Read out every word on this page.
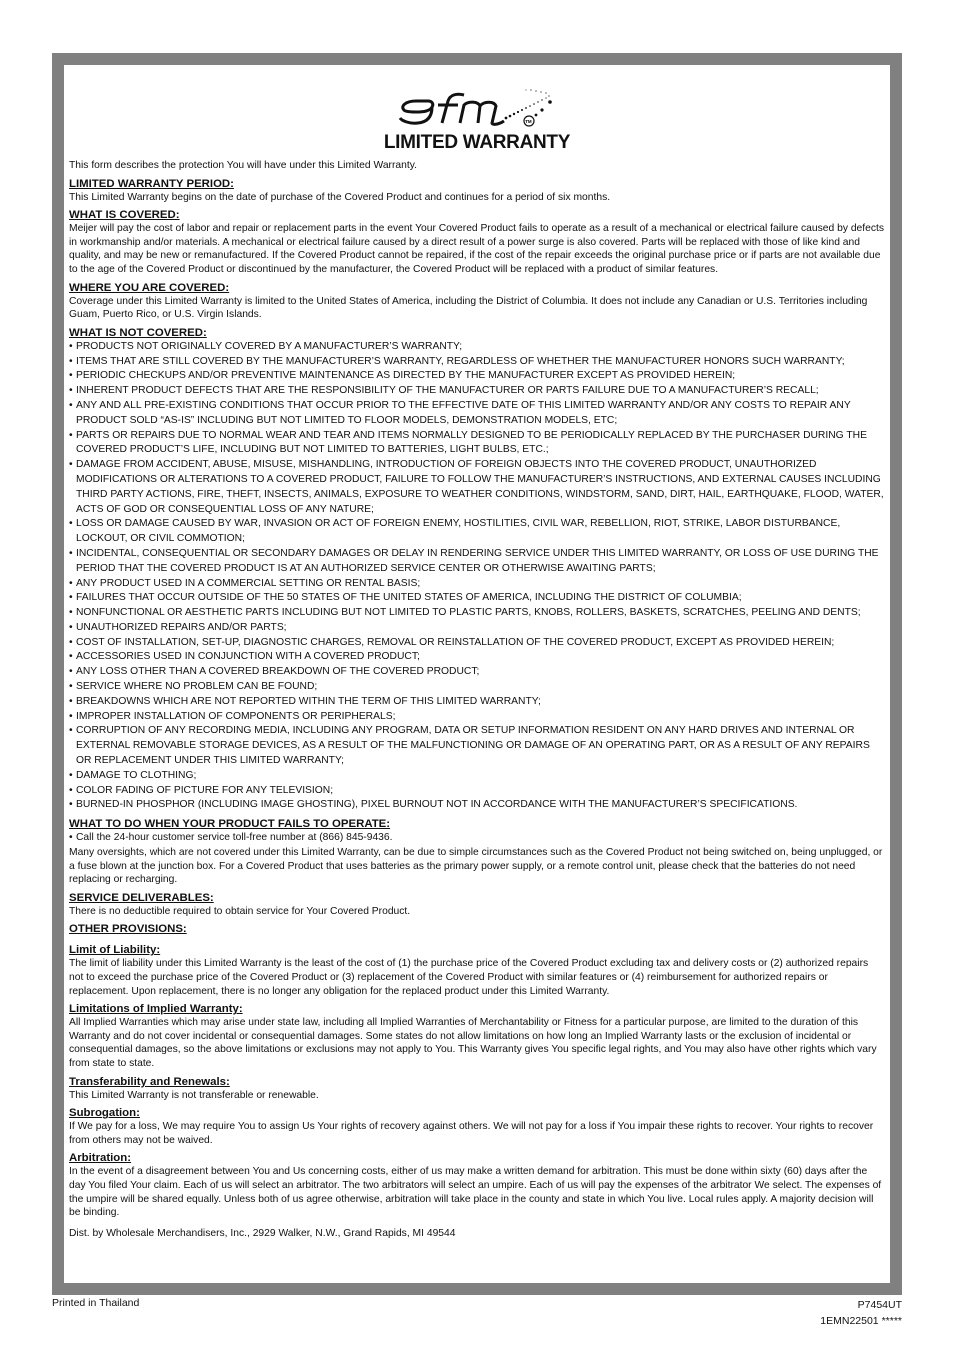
TM
LIMITED WARRANTY

This form describes the protection You will have under this Limited Warranty.

LIMITED WARRANTY PERIOD:

This Limited Warranty begins on the date of purchase of the Covered Product and continues for a period of six months.

WHAT IS COVERED:

Meijer will pay the cost of labor and repair or replacement parts in the event Your Covered Product fails to operate as a result of a mechanical or electrical failure caused by defects in workmanship and/or materials. A mechanical or electrical failure caused by a direct result of a power surge is also covered. Parts will be replaced with those of like kind and quality, and may be new or remanufactured. If the Covered Product cannot be repaired, if the cost of the repair exceeds the original purchase price or if parts are not available due to the age of the Covered Product or discontinued by the manufacturer, the Covered Product will be replaced with a product of similar features.

WHERE YOU ARE COVERED:

Coverage under this Limited Warranty is limited to the United States of America, including the District of Columbia. It does not include any Canadian or U.S. Territories including Guam, Puerto Rico, or U.S. Virgin Islands.

WHAT IS NOT COVERED:

• PRODUCTS NOT ORIGINALLY COVERED BY A MANUFACTURER’S WARRANTY;
• ITEMS THAT ARE STILL COVERED BY THE MANUFACTURER’S WARRANTY, REGARDLESS OF WHETHER THE MANUFACTURER HONORS SUCH WARRANTY;
• PERIODIC CHECKUPS AND/OR PREVENTIVE MAINTENANCE AS DIRECTED BY THE MANUFACTURER EXCEPT AS PROVIDED HEREIN;
• INHERENT PRODUCT DEFECTS THAT ARE THE RESPONSIBILITY OF THE MANUFACTURER OR PARTS FAILURE DUE TO A MANUFACTURER’S RECALL;
• ANY AND ALL PRE-EXISTING CONDITIONS THAT OCCUR PRIOR TO THE EFFECTIVE DATE OF THIS LIMITED WARRANTY AND/OR ANY COSTS TO REPAIR ANY PRODUCT SOLD “AS-IS” INCLUDING BUT NOT LIMITED TO FLOOR MODELS, DEMONSTRATION MODELS, ETC;
• PARTS OR REPAIRS DUE TO NORMAL WEAR AND TEAR AND ITEMS NORMALLY DESIGNED TO BE PERIODICALLY REPLACED BY THE PURCHASER DURING THE COVERED PRODUCT’S LIFE, INCLUDING BUT NOT LIMITED TO BATTERIES, LIGHT BULBS, ETC.;
• DAMAGE FROM ACCIDENT, ABUSE, MISUSE, MISHANDLING, INTRODUCTION OF FOREIGN OBJECTS INTO THE COVERED PRODUCT, UNAUTHORIZED MODIFICATIONS OR ALTERATIONS TO A COVERED PRODUCT, FAILURE TO FOLLOW THE MANUFACTURER’S INSTRUCTIONS, AND EXTERNAL CAUSES INCLUDING THIRD PARTY ACTIONS, FIRE, THEFT, INSECTS, ANIMALS, EXPOSURE TO WEATHER CONDITIONS, WINDSTORM, SAND, DIRT, HAIL, EARTHQUAKE, FLOOD, WATER, ACTS OF GOD OR CONSEQUENTIAL LOSS OF ANY NATURE;
• LOSS OR DAMAGE CAUSED BY WAR, INVASION OR ACT OF FOREIGN ENEMY, HOSTILITIES, CIVIL WAR, REBELLION, RIOT, STRIKE, LABOR DISTURBANCE, LOCKOUT, OR CIVIL COMMOTION;
• INCIDENTAL, CONSEQUENTIAL OR SECONDARY DAMAGES OR DELAY IN RENDERING SERVICE UNDER THIS LIMITED WARRANTY, OR LOSS OF USE DURING THE PERIOD THAT THE COVERED PRODUCT IS AT AN AUTHORIZED SERVICE CENTER OR OTHERWISE AWAITING PARTS;
• ANY PRODUCT USED IN A COMMERCIAL SETTING OR RENTAL BASIS;
• FAILURES THAT OCCUR OUTSIDE OF THE 50 STATES OF THE UNITED STATES OF AMERICA, INCLUDING THE DISTRICT OF COLUMBIA;
• NONFUNCTIONAL OR AESTHETIC PARTS INCLUDING BUT NOT LIMITED TO PLASTIC PARTS, KNOBS, ROLLERS, BASKETS, SCRATCHES, PEELING AND DENTS;
• UNAUTHORIZED REPAIRS AND/OR PARTS;
• COST OF INSTALLATION, SET-UP, DIAGNOSTIC CHARGES, REMOVAL OR REINSTALLATION OF THE COVERED PRODUCT, EXCEPT AS PROVIDED HEREIN;
• ACCESSORIES USED IN CONJUNCTION WITH A COVERED PRODUCT;
• ANY LOSS OTHER THAN A COVERED BREAKDOWN OF THE COVERED PRODUCT;
• SERVICE WHERE NO PROBLEM CAN BE FOUND;
• BREAKDOWNS WHICH ARE NOT REPORTED WITHIN THE TERM OF THIS LIMITED WARRANTY;
• IMPROPER INSTALLATION OF COMPONENTS OR PERIPHERALS;
• CORRUPTION OF ANY RECORDING MEDIA, INCLUDING ANY PROGRAM, DATA OR SETUP INFORMATION RESIDENT ON ANY HARD DRIVES AND INTERNAL OR EXTERNAL REMOVABLE STORAGE DEVICES, AS A RESULT OF THE MALFUNCTIONING OR DAMAGE OF AN OPERATING PART, OR AS A RESULT OF ANY REPAIRS OR REPLACEMENT UNDER THIS LIMITED WARRANTY;
• DAMAGE TO CLOTHING;
• COLOR FADING OF PICTURE FOR ANY TELEVISION;
• BURNED-IN PHOSPHOR (INCLUDING IMAGE GHOSTING), PIXEL BURNOUT NOT IN ACCORDANCE WITH THE MANUFACTURER’S SPECIFICATIONS.

WHAT TO DO WHEN YOUR PRODUCT FAILS TO OPERATE:

• Call the 24-hour customer service toll-free number at (866) 845-9436.

Many oversights, which are not covered under this Limited Warranty, can be due to simple circumstances such as the Covered Product not being switched on, being unplugged, or a fuse blown at the junction box. For a Covered Product that uses batteries as the primary power supply, or a remote control unit, please check that the batteries do not need replacing or recharging.

SERVICE DELIVERABLES:

There is no deductible required to obtain service for Your Covered Product.

OTHER PROVISIONS:

Limit of Liability:

The limit of liability under this Limited Warranty is the least of the cost of (1) the purchase price of the Covered Product excluding tax and delivery costs or (2) authorized repairs not to exceed the purchase price of the Covered Product or (3) replacement of the Covered Product with similar features or (4) reimbursement for authorized repairs or replacement. Upon replacement, there is no longer any obligation for the replaced product under this Limited Warranty.

Limitations of Implied Warranty:

All Implied Warranties which may arise under state law, including all Implied Warranties of Merchantability or Fitness for a particular purpose, are limited to the duration of this Warranty and do not cover incidental or consequential damages. Some states do not allow limitations on how long an Implied Warranty lasts or the exclusion of incidental or consequential damages, so the above limitations or exclusions may not apply to You. This Warranty gives You specific legal rights, and You may also have other rights which vary from state to state.

Transferability and Renewals:

This Limited Warranty is not transferable or renewable.

Subrogation:

If We pay for a loss, We may require You to assign Us Your rights of recovery against others. We will not pay for a loss if You impair these rights to recover. Your rights to recover from others may not be waived.

Arbitration:

In the event of a disagreement between You and Us concerning costs, either of us may make a written demand for arbitration. This must be done within sixty (60) days after the day You filed Your claim. Each of us will select an arbitrator. The two arbitrators will select an umpire. Each of us will pay the expenses of the arbitrator We select. The expenses of the umpire will be shared equally. Unless both of us agree otherwise, arbitration will take place in the county and state in which You live. Local rules apply. A majority decision will be binding.

Dist. by Wholesale Merchandisers, Inc., 2929 Walker, N.W., Grand Rapids, MI 49544

Printed in Thailand	P7454UT
1EMN22501 *****
